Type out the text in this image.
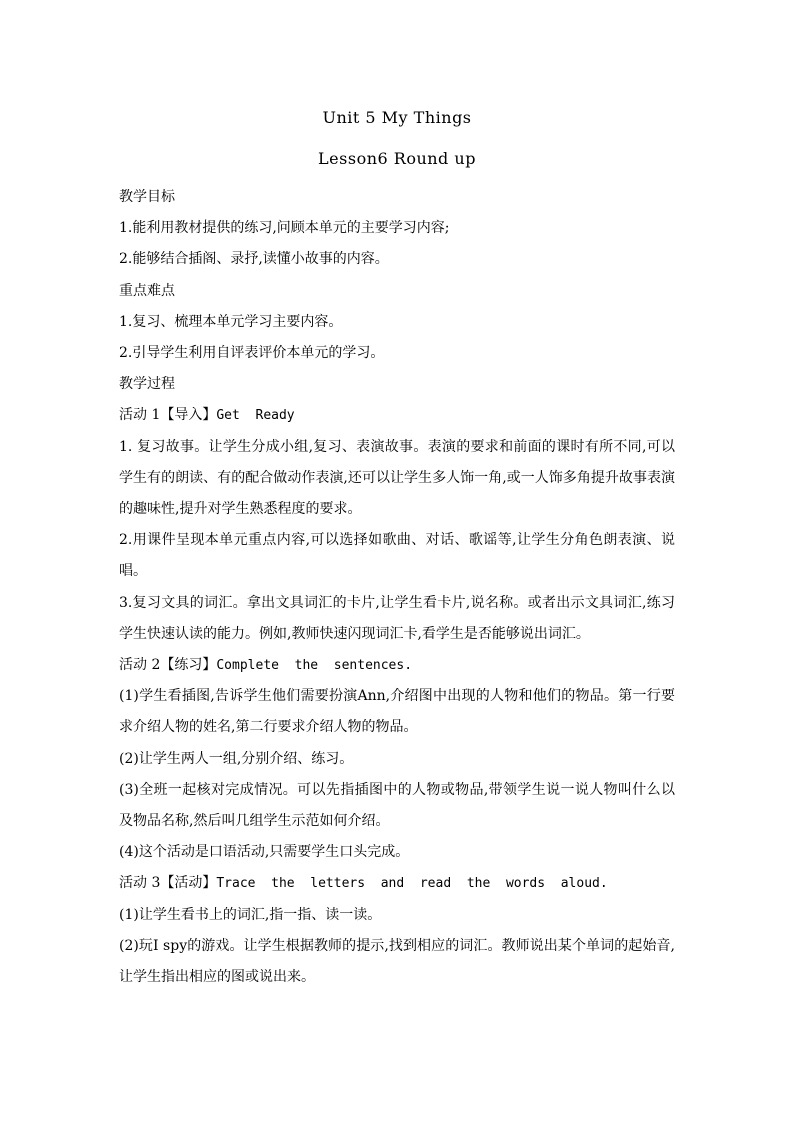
Unit 5 My Things
Lesson6 Round up

教学目标

1.能利用教材提供的练习,问顾本单元的主要学习内容;

2.能够结合插阁、录抒,读懂小故事的内容。

重点难点

1.复习、梳理本单元学习主要内容。

2.引导学生利用自评表评价本单元的学习。

教学过程

活动 1【导入】Get  Ready

1. 复习故事。让学生分成小组,复习、表演故事。表演的要求和前面的课时有所不同,可以学生有的朗读、有的配合做动作表演,还可以让学生多人饰一角,或一人饰多角提升故事表演的趣味性,提升对学生熟悉程度的要求。

2.用课件呈现本单元重点内容,可以选择如歌曲、对话、歌谣等,让学生分角色朗表演、说唱。

3.复习文具的词汇。拿出文具词汇的卡片,让学生看卡片,说名称。或者出示文具词汇,练习学生快速认读的能力。例如,教师快速闪现词汇卡,看学生是否能够说出词汇。

活动 2【练习】Complete  the  sentences.

(1)学生看插图,告诉学生他们需要扮演Ann,介绍图中出现的人物和他们的物品。第一行要求介绍人物的姓名,第二行要求介绍人物的物品。

(2)让学生两人一组,分别介绍、练习。

(3)全班一起核对完成情况。可以先指插图中的人物或物品,带领学生说一说人物叫什么以及物品名称,然后叫几组学生示范如何介绍。

(4)这个活动是口语活动,只需要学生口头完成。

活动 3【活动】Trace  the  letters  and  read  the  words  aloud.

(1)让学生看书上的词汇,指一指、读一读。

(2)玩I spy的游戏。让学生根据教师的提示,找到相应的词汇。教师说出某个单词的起始音,让学生指出相应的图或说出来。
